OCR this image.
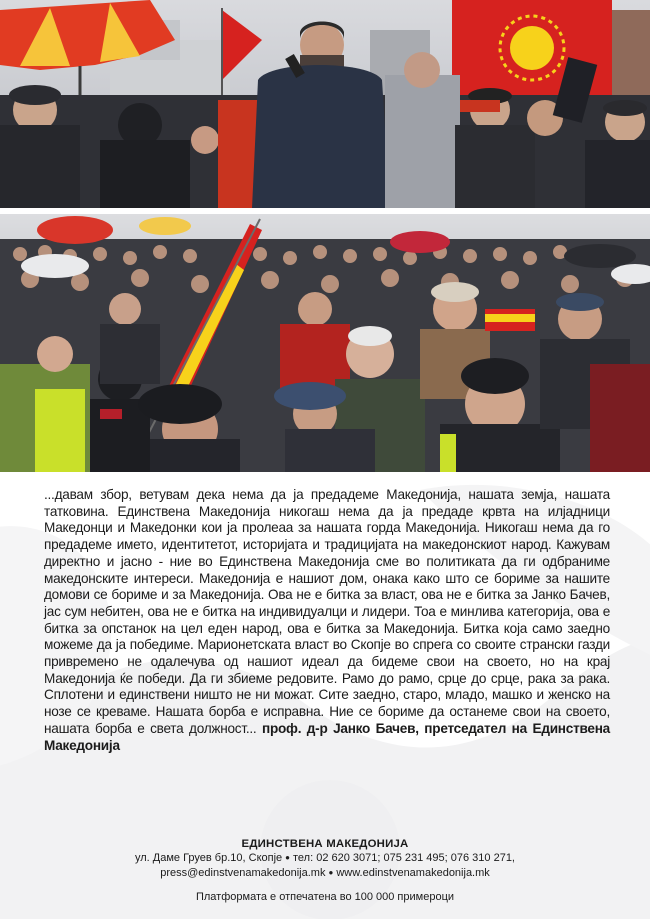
...давам збор, ветувам дека нема да ја предадеме Македонија, нашата земја, нашата татковина. Единствена Македонија никогаш нема да ја предаде крвта на илјадници Македонци и Македонки кои ја пролеаа за нашата горда Македонија. Никогаш нема да го предадеме името, идентитетот, историјата и традицијата на македонскиот народ. Кажувам директно и јасно - ние во Единствена Македонија сме во политиката да ги одбраниме македонските интереси. Македонија е нашиот дом, онака како што се бориме за нашите домови се бориме и за Македонија. Ова не е битка за власт, ова не е битка за Јанко Бачев, јас сум небитен, ова не е битка на индивидуалци и лидери. Тоа е минлива категорија, ова е битка за опстанок на цел еден народ, ова е битка за Македонија. Битка која само заедно можеме да ја победиме. Марионетската власт во Скопје во спрега со своите странски газди привремено не одалечува од нашиот идеал да бидеме свои на своето, но на крај Македонија ќе победи. Да ги збиеме редовите. Рамо до рамо, срце до срце, рака за рака. Сплотени и единствени ништо не ни можат. Сите заедно, старо, младо, машко и женско на нозе се креваме. Нашата борба е исправна. Ние се бориме да останеме свои на своето, нашата борба е света должност... проф. д-р Јанко Бачев, претседател на Единствена Македонија
ЕДИНСТВЕНА МАКЕДОНИЈА
ул. Даме Груев бр.10, Скопје ● тел: 02 620 3071; 075 231 495; 076 310 271,
press@edinstvenamakedonija.mk ● www.edinstvenamakedonija.mk
Платформата е отпечатена во 100 000 примероци
